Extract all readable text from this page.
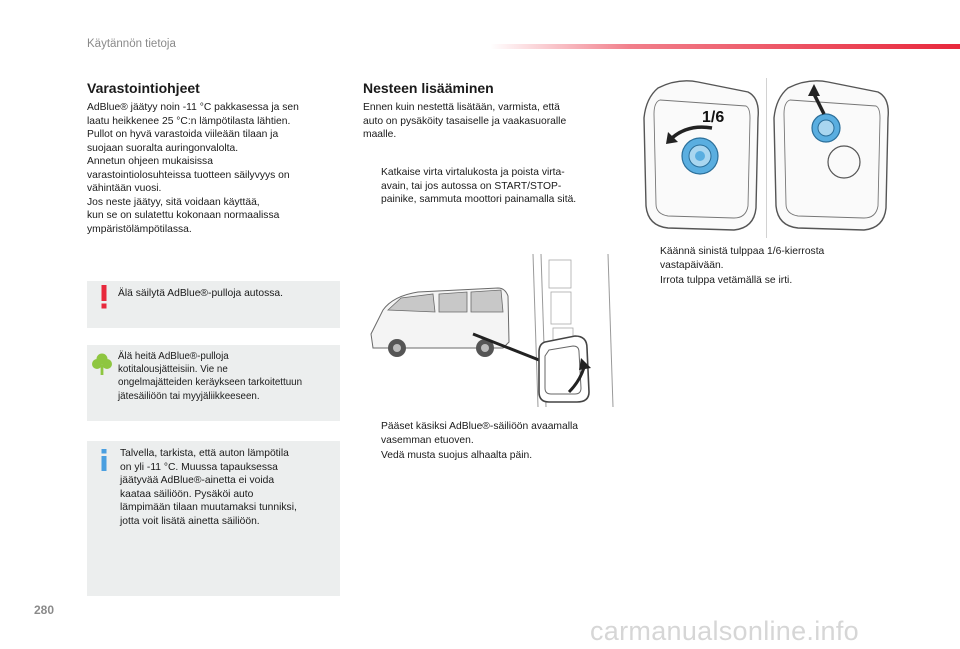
Käytännön tietoja
Varastointiohjeet

AdBlue® jäätyy noin -11 °C pakkasessa ja sen

laatu heikkenee 25 °C:n lämpötilasta lähtien.

Pullot on hyvä varastoida viileään tilaan ja

suojaan suoralta auringonvalolta.

Annetun ohjeen mukaisissa

varastointiolosuhteissa tuotteen säilyvyys on

vähintään vuosi.

Jos neste jäätyy, sitä voidaan käyttää,

kun se on sulatettu kokonaan normaalissa

ympäristölämpötilassa.

Älä säilytä AdBlue®-pulloja autossa.
Älä heitä AdBlue®-pulloja
kotitalousjätteisiin. Vie ne
ongelmajätteiden keräykseen tarkoitettuun
jätesäiliöön tai myyjäliikkeeseen.
Talvella, tarkista, että auton lämpötila
on yli -11 °C. Muussa tapauksessa
jäätyvää AdBlue®-ainetta ei voida
kaataa säiliöön. Pysäköi auto
lämpimään tilaan muutamaksi tunniksi,
jotta voit lisätä ainetta säiliöön.
Nesteen lisääminen

Ennen kuin nestettä lisätään, varmista, että

auto on pysäköity tasaiselle ja vaakasuoralle

maalle.

Katkaise virta virtalukosta ja poista virta-
avain, tai jos autossa on START/STOP-
painike, sammuta moottori painamalla sitä.
Pääset käsiksi AdBlue®-säiliöön avaamalla
vasemman etuoven.
Vedä musta suojus alhaalta päin.
1/6
Käännä sinistä tulppaa 1/6-kierrosta
vastapäivään.
Irrota tulppa vetämällä se irti.
280
carmanualsonline.info
